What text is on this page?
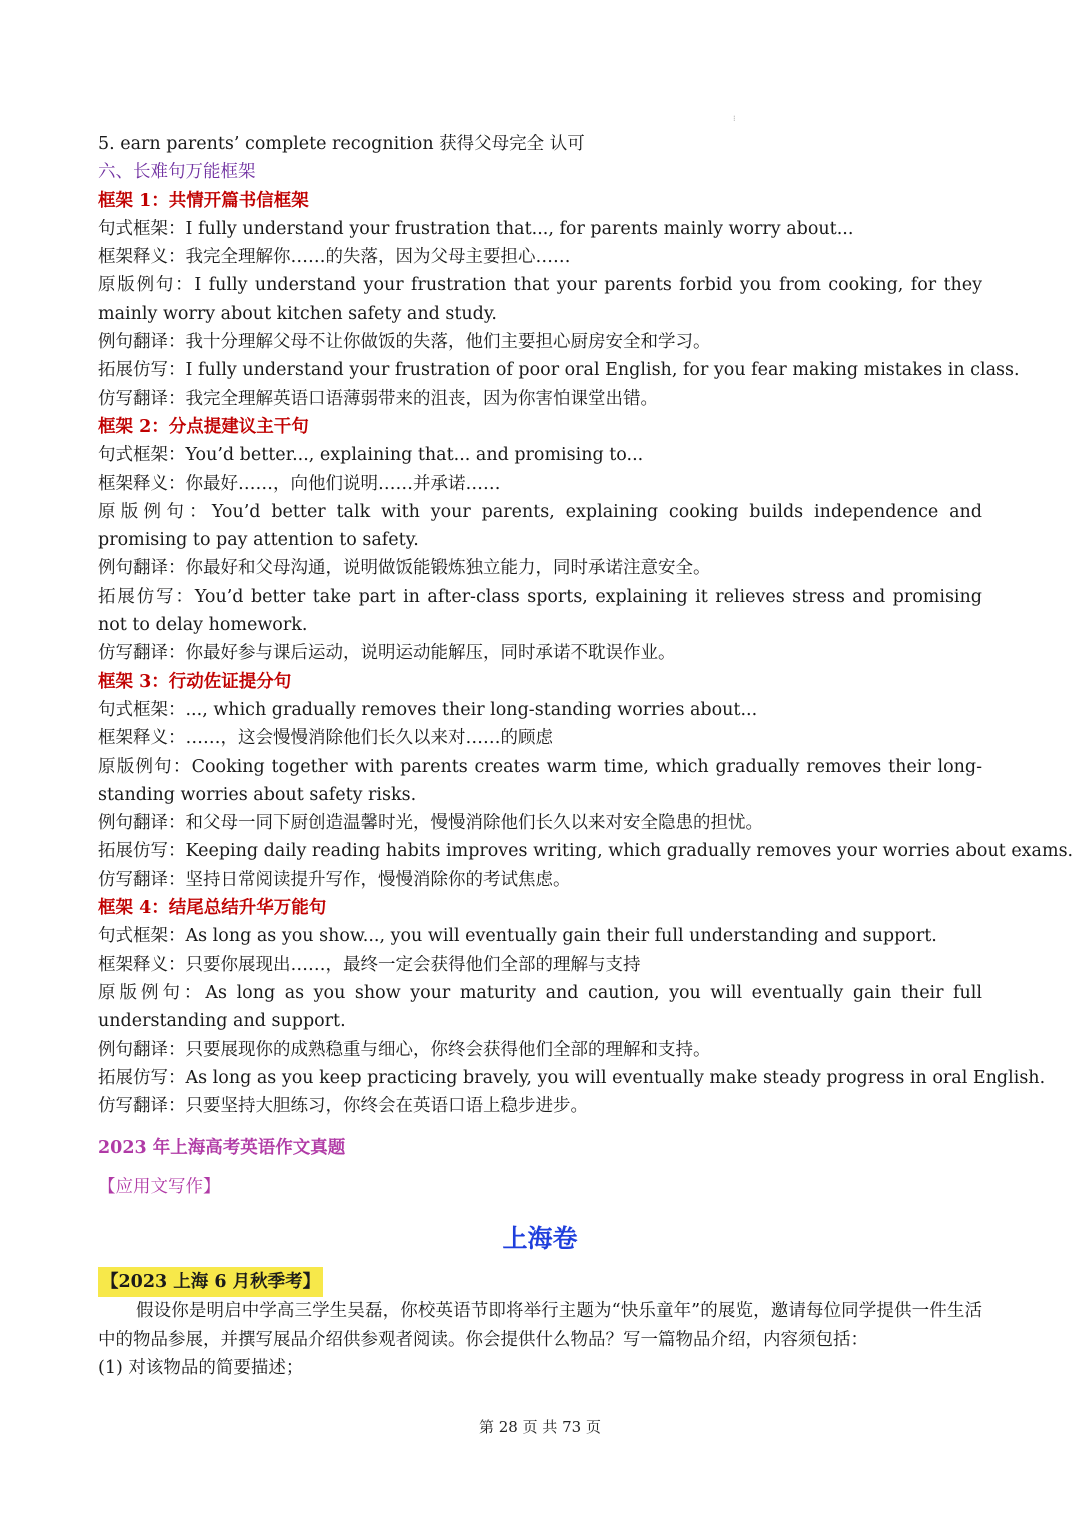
⁝
5. earn parents’ complete recognition 获得父母完全 认可
六、长难句万能框架
框架 1：共情开篇书信框架
句式框架：I fully understand your frustration that..., for parents mainly worry about...
框架释义：我完全理解你……的失落，因为父母主要担心……
原版例句：I fully understand your frustration that your parents forbid you from cooking, for they mainly worry about kitchen safety and study.
例句翻译：我十分理解父母不让你做饭的失落，他们主要担心厨房安全和学习。
拓展仿写：I fully understand your frustration of poor oral English, for you fear making mistakes in class.
仿写翻译：我完全理解英语口语薄弱带来的沮丧，因为你害怕课堂出错。
框架 2：分点提建议主干句
句式框架：You’d better..., explaining that... and promising to...
框架释义：你最好……，向他们说明……并承诺……
原版例句：You’d better talk with your parents, explaining cooking builds independence and promising to pay attention to safety.
例句翻译：你最好和父母沟通，说明做饭能锻炼独立能力，同时承诺注意安全。
拓展仿写：You’d better take part in after-class sports, explaining it relieves stress and promising not to delay homework.
仿写翻译：你最好参与课后运动，说明运动能解压，同时承诺不耽误作业。
框架 3：行动佐证提分句
句式框架：..., which gradually removes their long-standing worries about...
框架释义：……，这会慢慢消除他们长久以来对……的顾虑
原版例句：Cooking together with parents creates warm time, which gradually removes their long-standing worries about safety risks.
例句翻译：和父母一同下厨创造温馨时光，慢慢消除他们长久以来对安全隐患的担忧。
拓展仿写：Keeping daily reading habits improves writing, which gradually removes your worries about exams.
仿写翻译：坚持日常阅读提升写作，慢慢消除你的考试焦虑。
框架 4：结尾总结升华万能句
句式框架：As long as you show..., you will eventually gain their full understanding and support.
框架释义：只要你展现出……，最终一定会获得他们全部的理解与支持
原版例句：As long as you show your maturity and caution, you will eventually gain their full understanding and support.
例句翻译：只要展现你的成熟稳重与细心，你终会获得他们全部的理解和支持。
拓展仿写：As long as you keep practicing bravely, you will eventually make steady progress in oral English.
仿写翻译：只要坚持大胆练习，你终会在英语口语上稳步进步。
2023 年上海高考英语作文真题
【应用文写作】
上海卷
【2023 上海 6 月秋季考】
假设你是明启中学高三学生吴磊，你校英语节即将举行主题为“快乐童年”的展览，邀请每位同学提供一件生活中的物品参展，并撰写展品介绍供参观者阅读。你会提供什么物品？写一篇物品介绍，内容须包括：
(1) 对该物品的简要描述；
第 28 页 共 73 页
